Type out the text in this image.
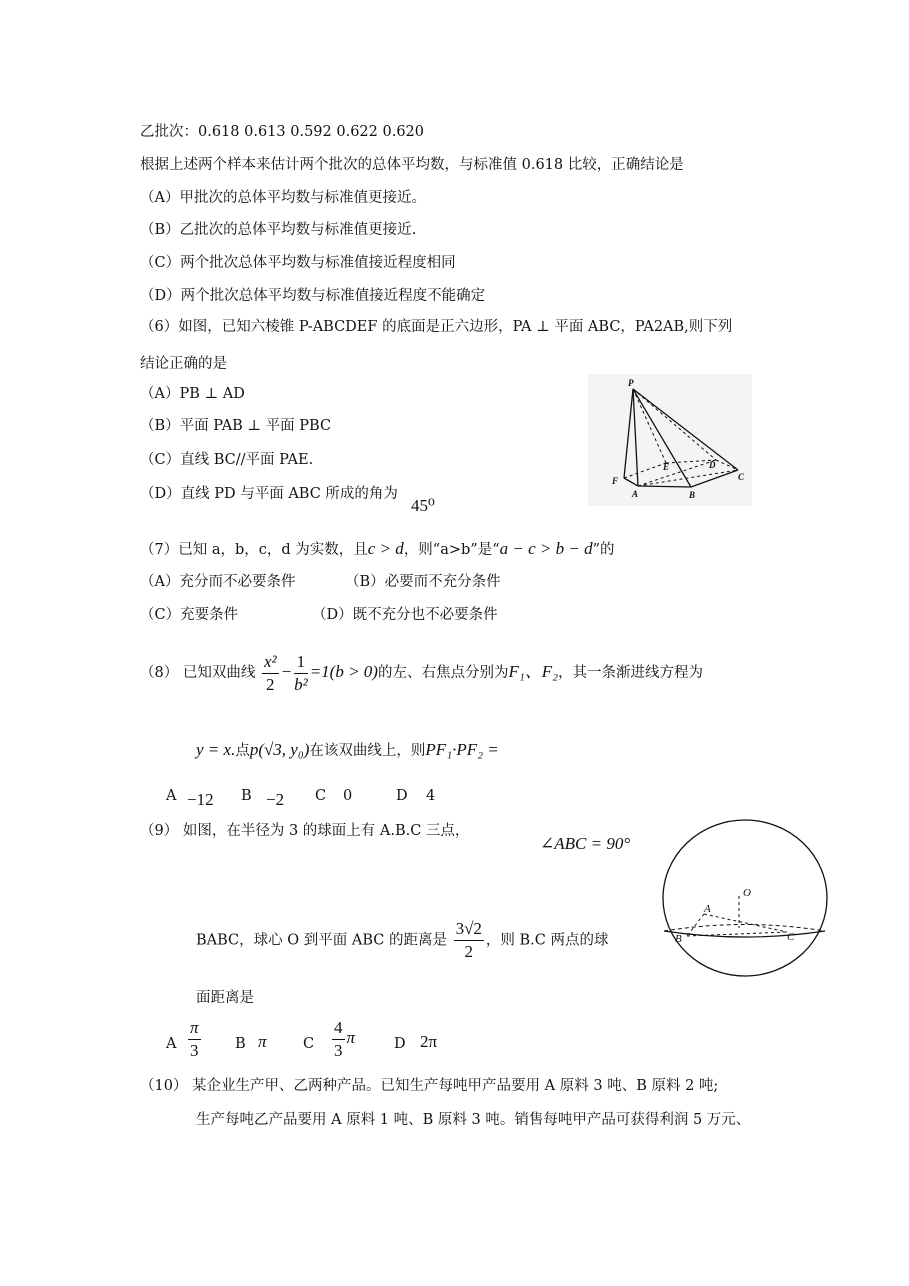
乙批次：0.618 0.613 0.592 0.622 0.620
根据上述两个样本来估计两个批次的总体平均数，与标准值 0.618 比较，正确结论是
（A）甲批次的总体平均数与标准值更接近。
（B）乙批次的总体平均数与标准值更接近.
（C）两个批次总体平均数与标准值接近程度相同
（D）两个批次总体平均数与标准值接近程度不能确定
（6）如图，已知六棱锥 P-ABCDEF 的底面是正六边形，PA ⊥ 平面 ABC，PA2AB,则下列
结论正确的是
（A）PB ⊥ AD
（B）平面 PAB ⊥ 平面 PBC
（C）直线 BC//平面 PAE.
（D）直线 PD 与平面 ABC 所成的角为
45⁰
P
E	D
F
A	B
C
（7）已知 a，b，c，d 为实数，且c > d，则“a>b”是“a − c > b − d”的
（A）充分而不必要条件	（B）必要而不充分条件
（C）充要条件	（D）既不充分也不必要条件
（8） 已知双曲线 $\frac{\text{x²}}{2} - \frac{1}{\text{b²}} =1(b > 0)$的左、右焦点分别为F₁、F₂，其一条渐进线方程为
y = x.点p(√3, y₀)在该双曲线上，则PF₁·PF₂ =
A −12 B −2 C 0	D 4
（9） 如图，在半径为 3 的球面上有 A.B.C 三点，
∠ABC = 90°
BABC，球心 O 到平面 ABC 的距离是 $\frac{3√2}{2}$ ，则 B.C 两点的球
面距离是
A $\frac{\pi}{3}$ B π	C $\frac{4}{3}$ π	D 2π
A
O
B	C
（10） 某企业生产甲、乙两种产品。已知生产每吨甲产品要用 A 原料 3 吨、B 原料 2 吨;
生产每吨乙产品要用 A 原料 1 吨、B 原料 3 吨。销售每吨甲产品可获得利润 5 万元、
